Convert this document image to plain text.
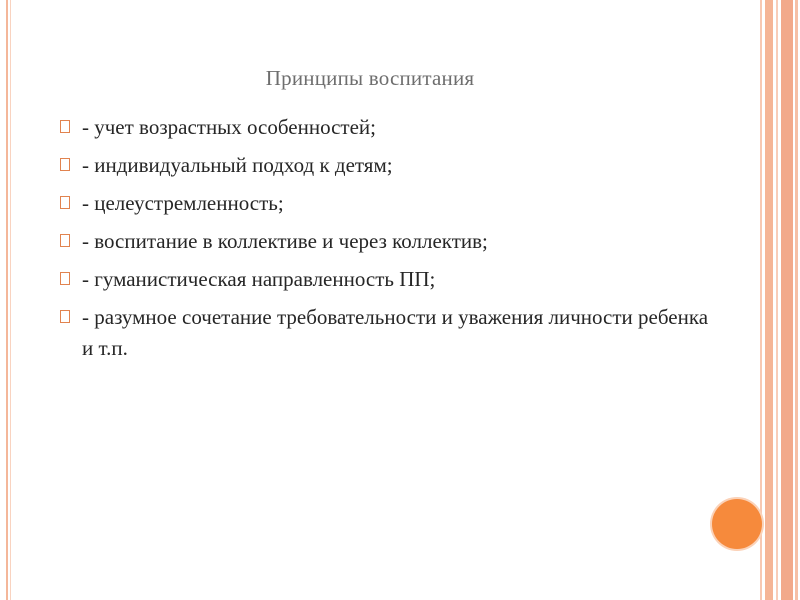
Принципы воспитания
- учет возрастных особенностей;
- индивидуальный подход к детям;
- целеустремленность;
- воспитание в коллективе и через коллектив;
- гуманистическая направленность ПП;
- разумное сочетание требовательности и уважения личности ребенка и т.п.
